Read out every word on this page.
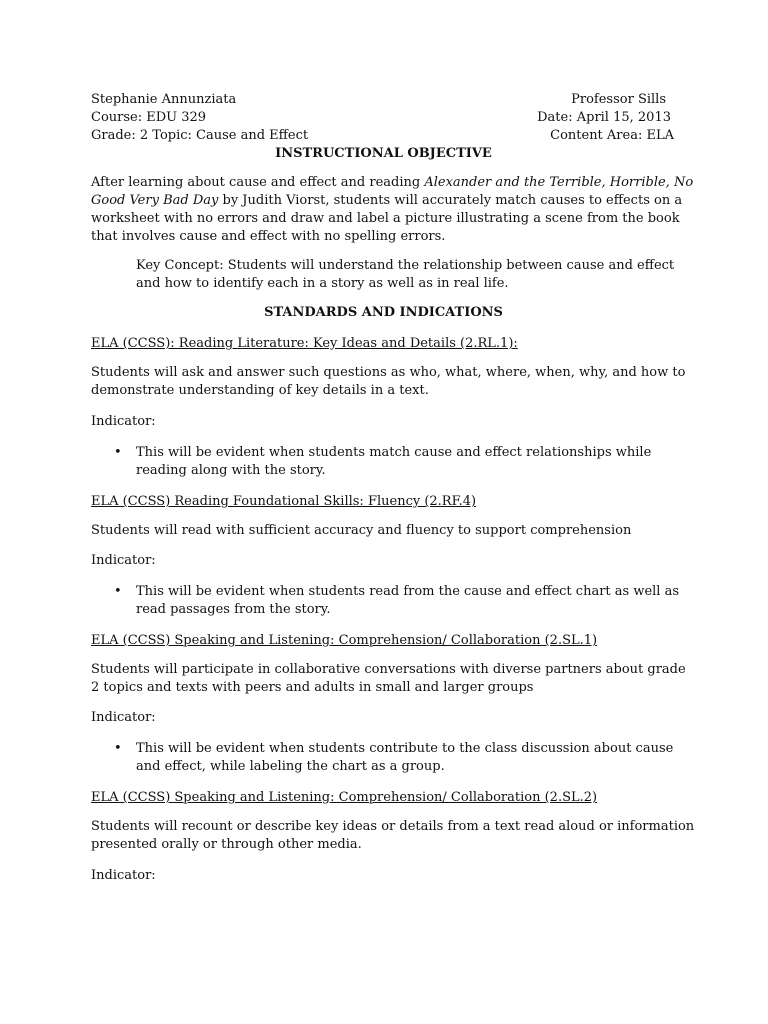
Stephanie Annunziata	Professor Sills
Course: EDU 329	Date: April 15, 2013
Grade: 2 Topic: Cause and Effect	Content Area: ELA
INSTRUCTIONAL OBJECTIVE
After learning about cause and effect and reading Alexander and the Terrible, Horrible, No
Good Very Bad Day by Judith Viorst, students will accurately match causes to effects on a
worksheet with no errors and draw and label a picture illustrating a scene from the book
that involves cause and effect with no spelling errors.
Key Concept: Students will understand the relationship between cause and effect
and how to identify each in a story as well as in real life.
STANDARDS AND INDICATIONS
ELA (CCSS): Reading Literature: Key Ideas and Details (2.RL.1):
Students will ask and answer such questions as who, what, where, when, why, and how to
demonstrate understanding of key details in a text.
Indicator:
• This will be evident when students match cause and effect relationships while
reading along with the story.
ELA (CCSS) Reading Foundational Skills: Fluency (2.RF.4)
Students will read with sufficient accuracy and fluency to support comprehension
Indicator:
• This will be evident when students read from the cause and effect chart as well as
read passages from the story.
ELA (CCSS) Speaking and Listening: Comprehension/ Collaboration (2.SL.1)
Students will participate in collaborative conversations with diverse partners about grade
2 topics and texts with peers and adults in small and larger groups
Indicator:
• This will be evident when students contribute to the class discussion about cause
and effect, while labeling the chart as a group.
ELA (CCSS) Speaking and Listening: Comprehension/ Collaboration (2.SL.2)
Students will recount or describe key ideas or details from a text read aloud or information
presented orally or through other media.
Indicator:
